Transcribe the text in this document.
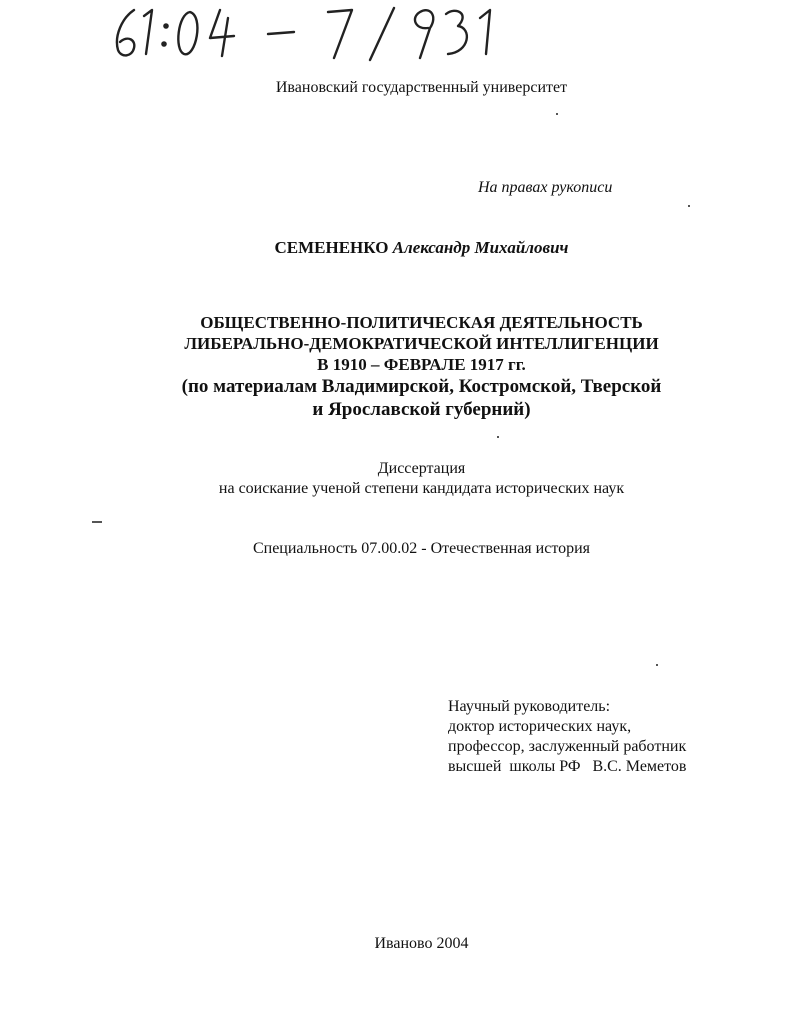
Ивановский государственный университет
На правах рукописи
СЕМЕНЕНКО Александр Михайлович
ОБЩЕСТВЕННО-ПОЛИТИЧЕСКАЯ ДЕЯТЕЛЬНОСТЬ
ЛИБЕРАЛЬНО-ДЕМОКРАТИЧЕСКОЙ ИНТЕЛЛИГЕНЦИИ
В 1910 – ФЕВРАЛЕ 1917 гг.
(по материалам Владимирской, Костромской, Тверской
и Ярославской губерний)
Диссертация
на соискание ученой степени кандидата исторических наук
Специальность 07.00.02 - Отечественная история
Научный руководитель:
доктор исторических наук,
профессор, заслуженный работник
высшей  школы РФ   В.С. Меметов
Иваново 2004
